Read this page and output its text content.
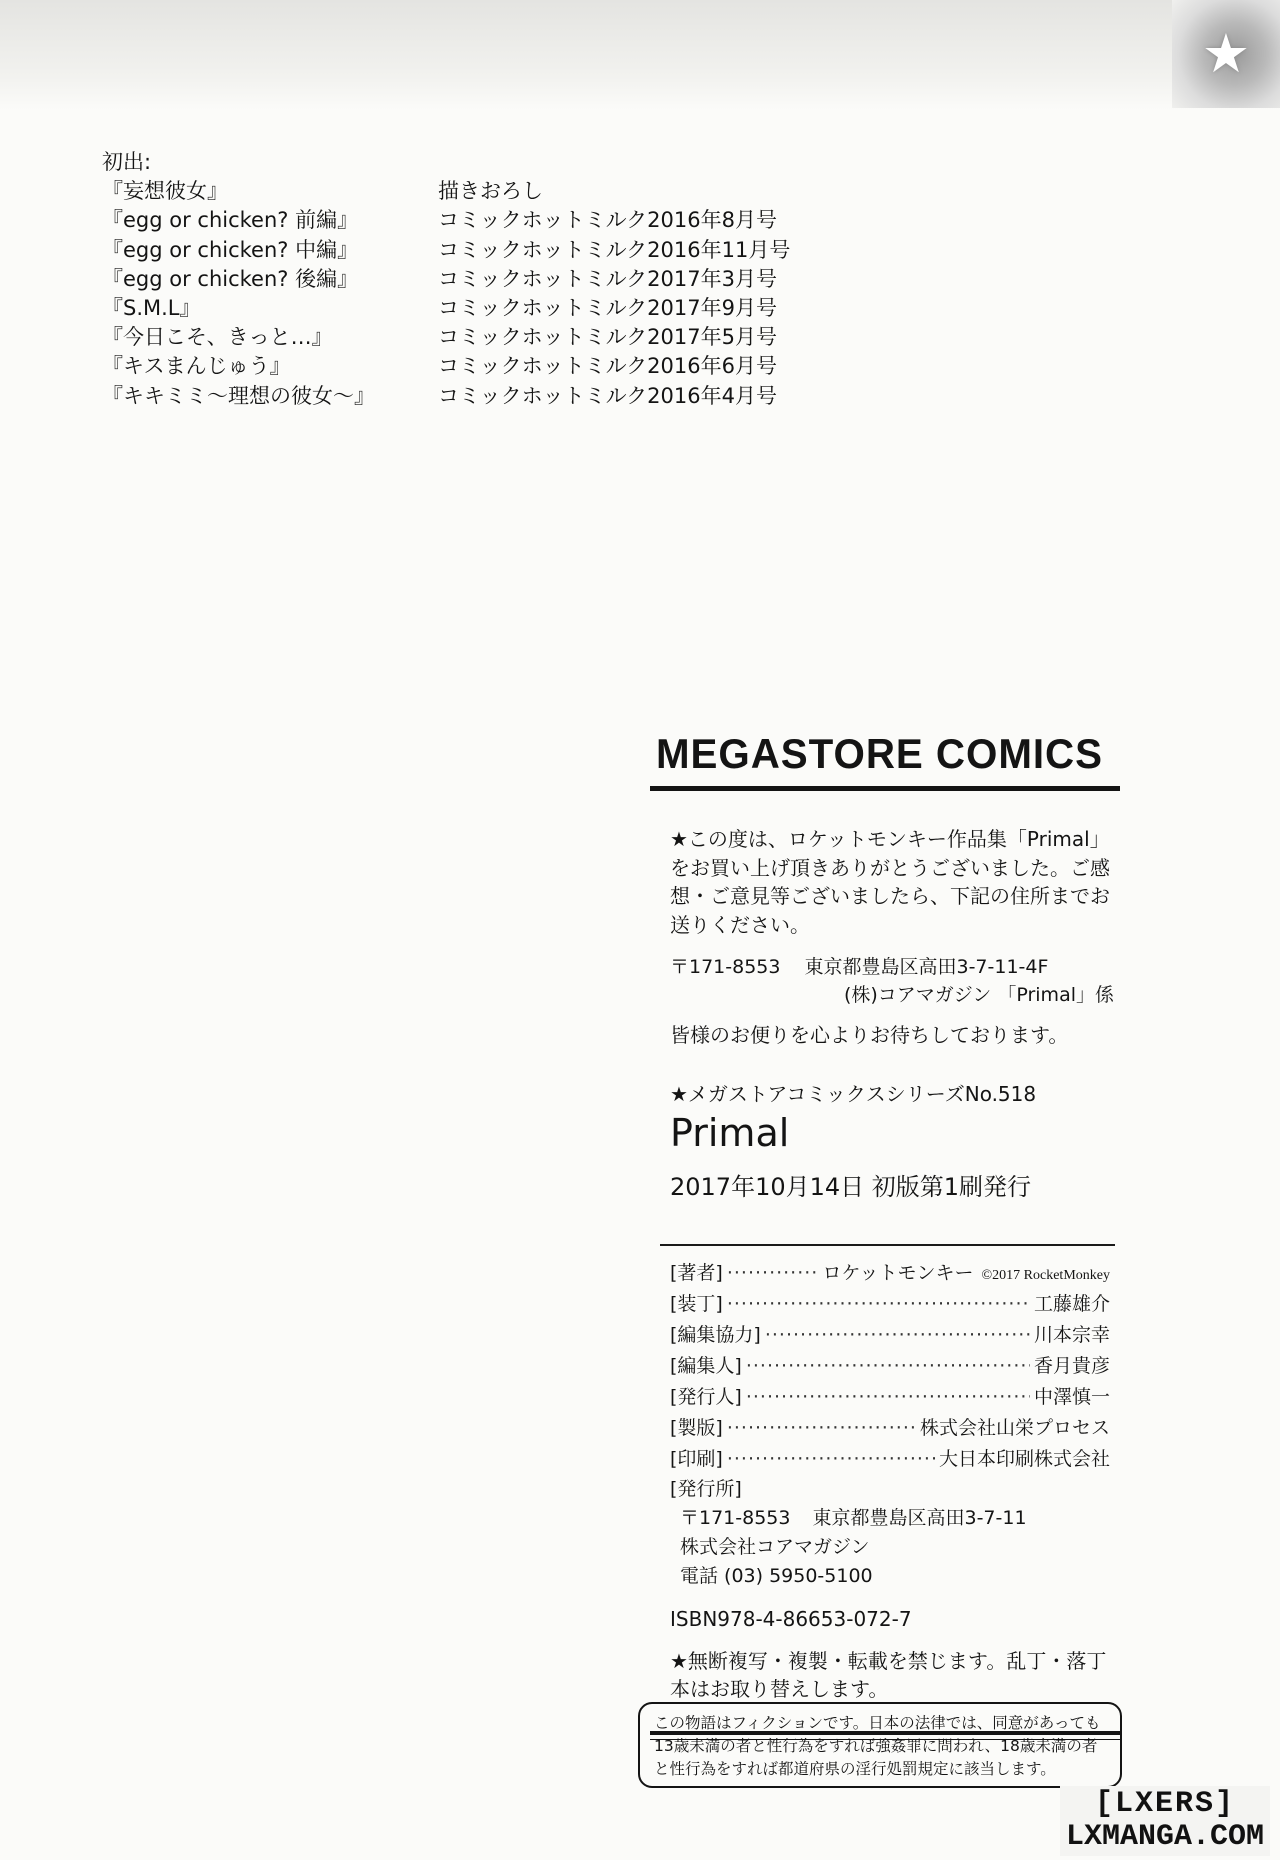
★
初出:
『妄想彼女』	描きおろし
『egg or chicken? 前編』	コミックホットミルク2016年8月号
『egg or chicken? 中編』	コミックホットミルク2016年11月号
『egg or chicken? 後編』	コミックホットミルク2017年3月号
『S.M.L』	コミックホットミルク2017年9月号
『今日こそ、きっと…』	コミックホットミルク2017年5月号
『キスまんじゅう』	コミックホットミルク2016年6月号
『キキミミ～理想の彼女～』	コミックホットミルク2016年4月号
MEGASTORE COMICS
★この度は、ロケットモンキー作品集「Primal」をお買い上げ頂きありがとうございました。ご感想・ご意見等ございましたら、下記の住所までお送りください。
〒171-8553 東京都豊島区高田3-7-11-4F
(株)コアマガジン 「Primal」係
皆様のお便りを心よりお待ちしております。
★メガストアコミックスシリーズNo.518
Primal
2017年10月14日 初版第1刷発行
[著者] ·····	ロケットモンキー ©2017 RocketMonkey
[装丁] ·····	工藤雄介
[編集協力] ·····	川本宗幸
[編集人] ·····	香月貴彦
[発行人] ·····	中澤慎一
[製版] ·····	株式会社山栄プロセス
[印刷] ·····	大日本印刷株式会社
[発行所]
〒171-8553 東京都豊島区高田3-7-11
株式会社コアマガジン
電話 (03) 5950-5100
ISBN978-4-86653-072-7
★無断複写・複製・転載を禁じます。乱丁・落丁本はお取り替えします。
この物語はフィクションです。日本の法律では、同意があっても13歳未満の者と性行為をすれば強姦罪に問われ、18歳未満の者と性行為をすれば都道府県の淫行処罰規定に該当します。
[LXERS]
LXMANGA.COM
